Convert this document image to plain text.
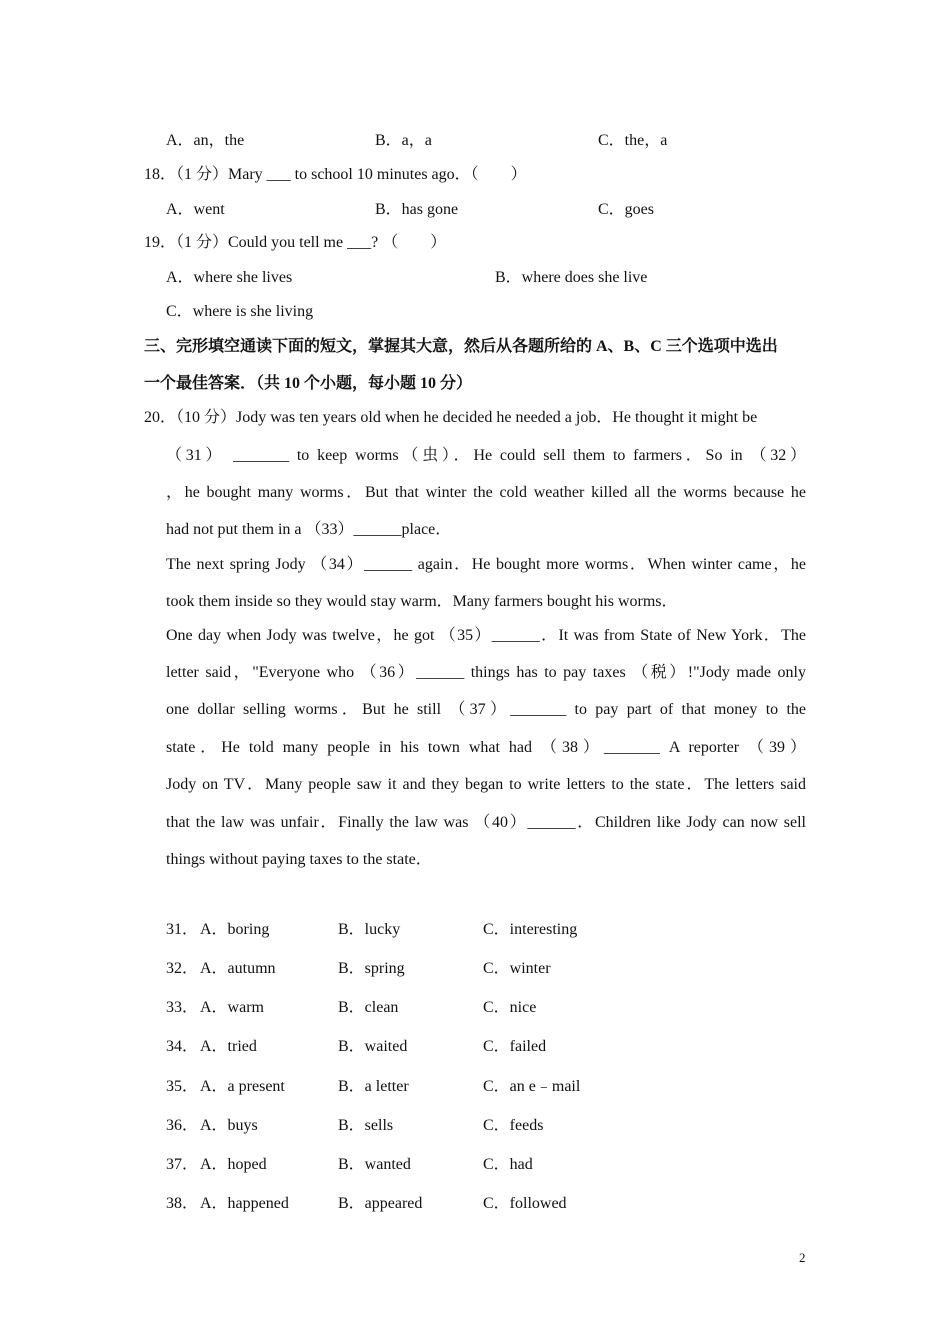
A．an，the	B．a，a	C．the，a
18．（1 分）Mary ___ to school 10 minutes ago．（　　）
A．went	B．has gone	C．goes
19．（1 分）Could you tell me ___? （　　）
A．where she lives	B．where does she live
C．where is she living
三、完形填空通读下面的短文，掌握其大意，然后从各题所给的 A、B、C 三个选项中选出
一个最佳答案．（共 10 个小题，每小题 10 分）
20．（10 分）Jody was ten years old when he decided he needed a job．He thought it might be
（31） _______ to keep worms（虫）．He could sell them to farmers．So in （32）
，he bought many worms．But that winter the cold weather killed all the worms because he
had not put them in a （33）______place．
The next spring Jody （34）______ again．He bought more worms．When winter came，he
took them inside so they would stay warm．Many farmers bought his worms．
One day when Jody was twelve，he got （35）______．It was from State of New York．The
letter said，"Everyone who （36）______ things has to pay taxes （税）!"Jody made only
one dollar selling worms．But he still （37）_______ to pay part of that money to the
state．He told many people in his town what had （38）_______ A reporter （39）
Jody on TV．Many people saw it and they began to write letters to the state．The letters said
that the law was unfair．Finally the law was （40）______．Children like Jody can now sell
things without paying taxes to the state．
31． A．boring	B．lucky	C．interesting
32． A．autumn	B．spring	C．winter
33． A．warm	B．clean	C．nice
34． A．tried	B．waited	C．failed
35． A．a present	B．a letter	C．an e﹣mail
36． A．buys	B．sells	C．feeds
37． A．hoped	B．wanted	C．had
38． A．happened	B．appeared	C．followed
2
